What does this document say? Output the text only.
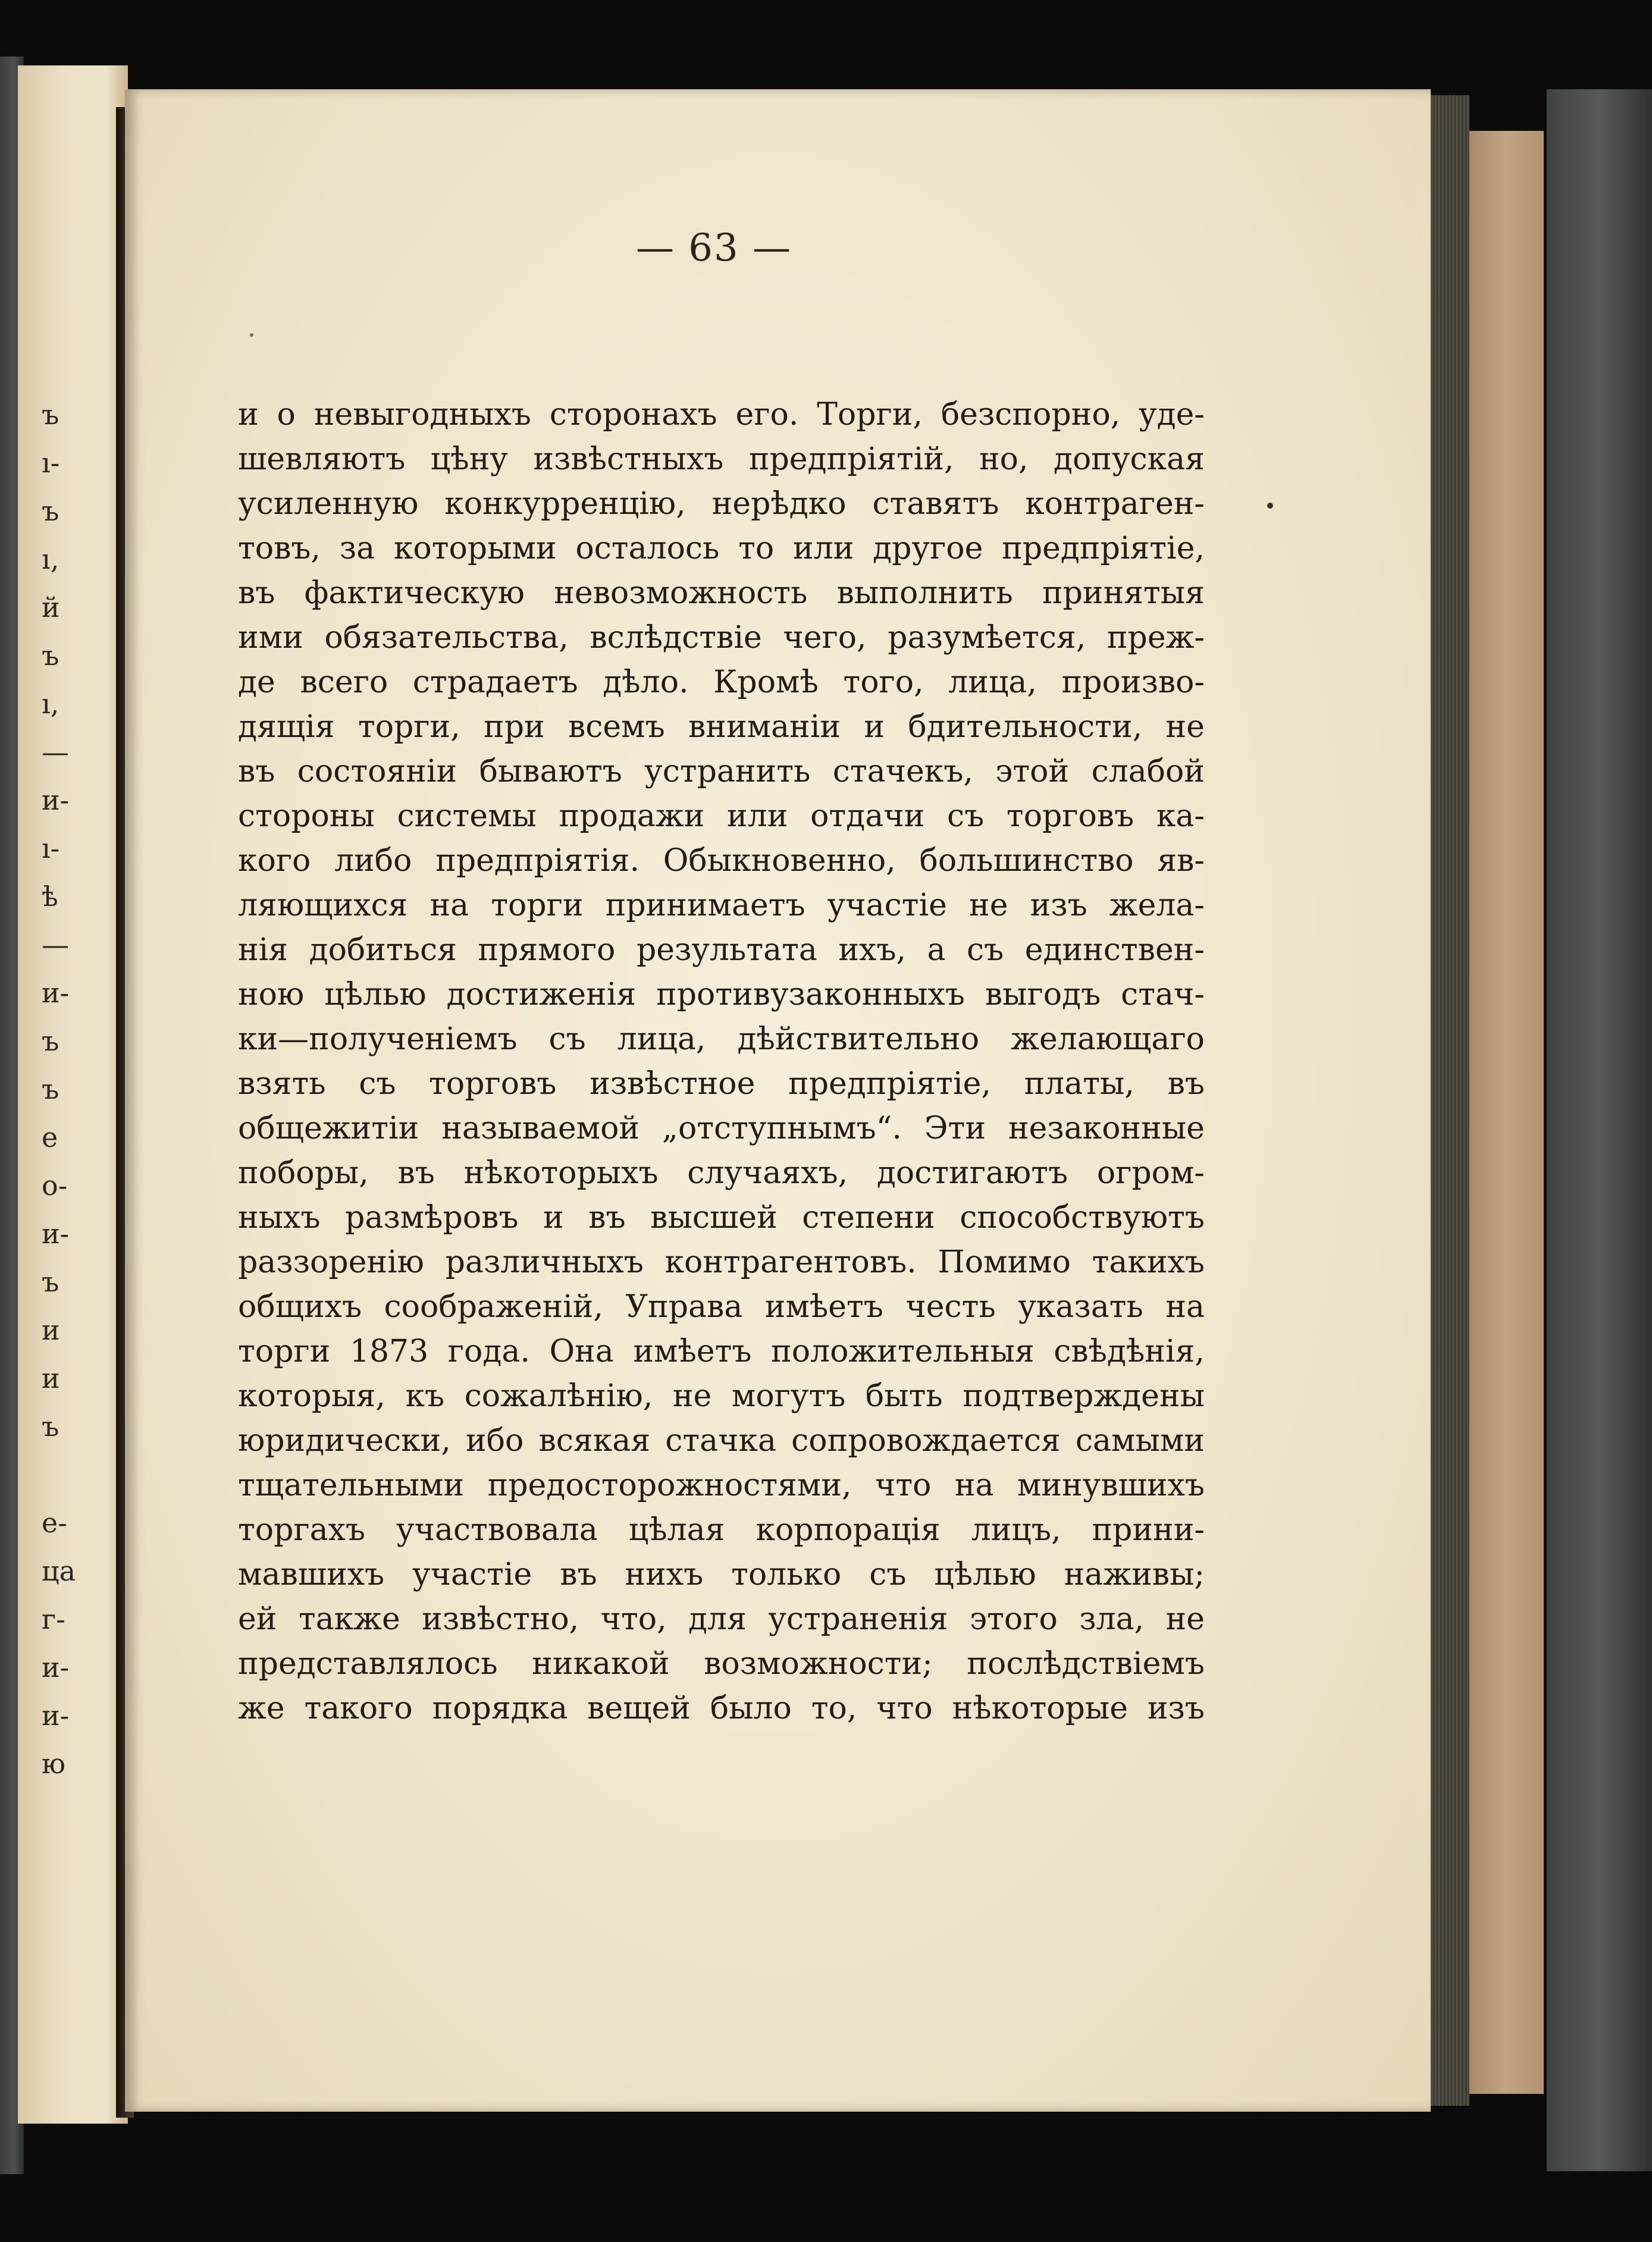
ъ
ı-
ъ
ı,
й
ъ
ı,
—
и-
ı-
ѣ
—
и-
ъ
ъ
е
о-
и-
ъ
и
и
ъ
е-
ца
г-
и-
и-
ю
— 63 —
и о невыгодныхъ сторонахъ его. Торги, безспорно, уде-
шевляютъ цѣну извѣстныхъ предпріятій, но, допуская
усиленную конкурренцію, нерѣдко ставятъ контраген-
товъ, за которыми осталось то или другое предпріятіе,
въ фактическую невозможность выполнить принятыя
ими обязательства, вслѣдствіе чего, разумѣется, преж-
де всего страдаетъ дѣло. Кромѣ того, лица, произво-
дящія торги, при всемъ вниманіи и бдительности, не
въ состояніи бываютъ устранить стачекъ, этой слабой
стороны системы продажи или отдачи съ торговъ ка-
кого либо предпріятія. Обыкновенно, большинство яв-
ляющихся на торги принимаетъ участіе не изъ жела-
нія добиться прямого результата ихъ, а съ единствен-
ною цѣлью достиженія противузаконныхъ выгодъ стач-
ки—полученіемъ съ лица, дѣйствительно желающаго
взять съ торговъ извѣстное предпріятіе, платы, въ
общежитіи называемой „отступнымъ“. Эти незаконные
поборы, въ нѣкоторыхъ случаяхъ, достигаютъ огром-
ныхъ размѣровъ и въ высшей степени способствуютъ
раззоренію различныхъ контрагентовъ. Помимо такихъ
общихъ соображеній, Управа имѣетъ честь указать на
торги 1873 года. Она имѣетъ положительныя свѣдѣнія,
которыя, къ сожалѣнію, не могутъ быть подтверждены
юридически, ибо всякая стачка сопровождается самыми
тщательными предосторожностями, что на минувшихъ
торгахъ участвовала цѣлая корпорація лицъ, прини-
мавшихъ участіе въ нихъ только съ цѣлью наживы;
ей также извѣстно, что, для устраненія этого зла, не
представлялось никакой возможности; послѣдствіемъ
же такого порядка вещей было то, что нѣкоторые изъ
